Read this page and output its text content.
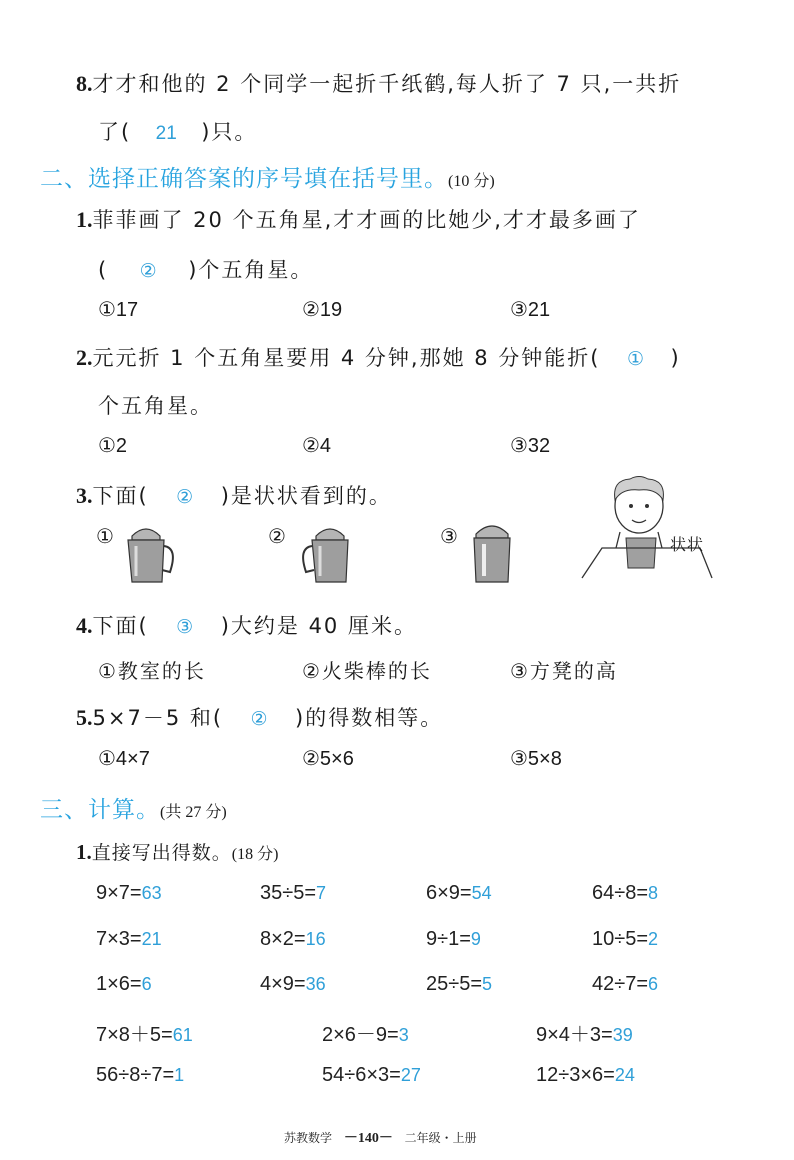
8.才才和他的 2 个同学一起折千纸鹤,每人折了 7 只,一共折
了( 21 )只。
二、选择正确答案的序号填在括号里。(10 分)
1.菲菲画了 20 个五角星,才才画的比她少,才才最多画了
( ② )个五角星。
①17	②19	③21
2.元元折 1 个五角星要用 4 分钟,那她 8 分钟能折( ① )
个五角星。
①2	②4	③32
3.下面( ② )是状状看到的。
①	②	③	状状
4.下面( ③ )大约是 40 厘米。
①教室的长	②火柴棒的长	③方凳的高
5.5×7－5 和( ② )的得数相等。
①4×7	②5×6	③5×8
三、计算。(共 27 分)
1.直接写出得数。(18 分)
9×7=63	35÷5=7	6×9=54	64÷8=8
7×3=21	8×2=16	9÷1=9	10÷5=2
1×6=6	4×9=36	25÷5=5	42÷7=6
7×8＋5=61	2×6－9=3	9×4＋3=39
56÷8÷7=1	54÷6×3=27	12÷3×6=24
苏教数学 －140－ 二年级・上册
